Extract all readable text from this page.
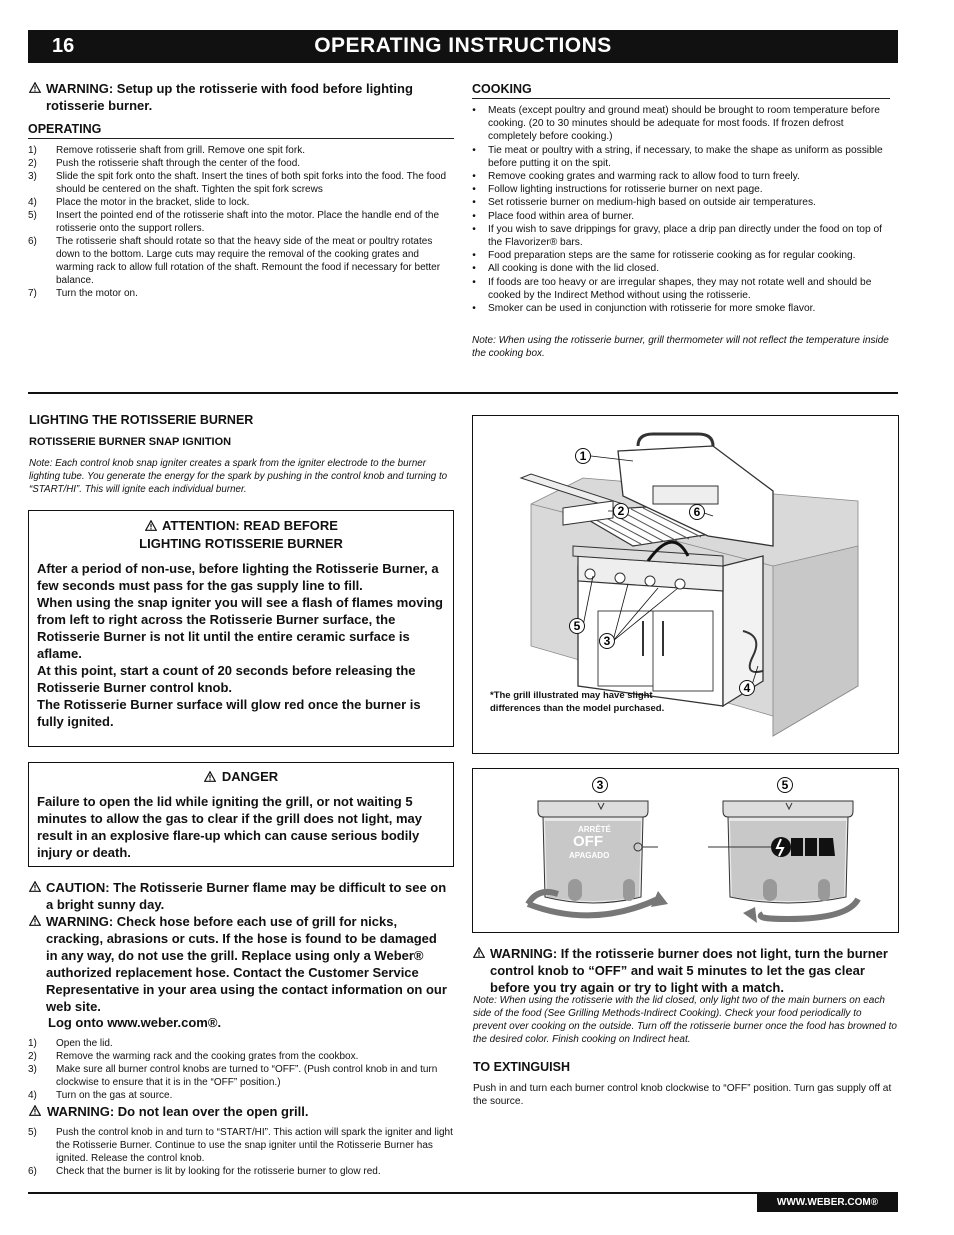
16	OPERATING INSTRUCTIONS
WARNING: Setup up the rotisserie with food before lighting rotisserie burner.
OPERATING
1)	Remove rotisserie shaft from grill. Remove one spit fork.
2)	Push the rotisserie shaft through the center of the food.
3)	Slide the spit fork onto the shaft. Insert the tines of both spit forks into the food. The food should be centered on the shaft. Tighten the spit fork screws
4)	Place the motor in the bracket, slide to lock.
5)	Insert the pointed end of the rotisserie shaft into the motor. Place the handle end of the rotisserie onto the support rollers.
6)	The rotisserie shaft should rotate so that the heavy side of the meat or poultry rotates down to the bottom. Large cuts may require the removal of the cooking grates and warming rack to allow full rotation of the shaft. Remount the food if necessary for better balance.
7)	Turn the motor on.
COOKING
•	Meats (except poultry and ground meat) should be brought to room temperature before cooking. (20 to 30 minutes should be adequate for most foods. If frozen defrost completely before cooking.)
•	Tie meat or poultry with a string, if necessary, to make the shape as uniform as possible before putting it on the spit.
•	Remove cooking grates and warming rack to allow food to turn freely.
•	Follow lighting instructions for rotisserie burner on next page.
•	Set rotisserie burner on medium-high based on outside air temperatures.
•	Place food within area of burner.
•	If you wish to save drippings for gravy, place a drip pan directly under the food on top of the Flavorizer® bars.
•	Food preparation steps are the same for rotisserie cooking as for regular cooking.
•	All cooking is done with the lid closed.
•	If foods are too heavy or are irregular shapes, they may not rotate well and should be cooked by the Indirect Method without using the rotisserie.
•	Smoker can be used in conjunction with rotisserie for more smoke flavor.
Note: When using the rotisserie burner, grill thermometer will not reflect the temperature inside the cooking box.
LIGHTING THE ROTISSERIE BURNER
ROTISSERIE BURNER SNAP IGNITION
Note: Each control knob snap igniter creates a spark from the igniter electrode to the burner lighting tube. You generate the energy for the spark by pushing in the control knob and turning to “START/HI”. This will ignite each individual burner.
ATTENTION: READ BEFORE
LIGHTING ROTISSERIE BURNER
After a period of non-use, before lighting the Rotisserie Burner, a few seconds must pass for the gas supply line to fill.
When using the snap igniter you will see a flash of flames moving from left to right across the Rotisserie Burner surface, the Rotisserie Burner is not lit until the entire ceramic surface is aflame.
At this point, start a count of 20 seconds before releasing the Rotisserie Burner control knob.
The Rotisserie Burner surface will glow red once the burner is fully ignited.
DANGER
Failure to open the lid while igniting the grill, or not waiting 5 minutes to allow the gas to clear if the grill does not light, may result in an explosive flare-up which can cause serious bodily injury or death.
CAUTION: The Rotisserie Burner flame may be difficult to see on a bright sunny day.
WARNING: Check hose before each use of grill for nicks, cracking, abrasions or cuts. If the hose is found to be damaged in any way, do not use the grill. Replace using only a Weber® authorized replacement hose. Contact the Customer Service Representative in your area using the contact information on our web site.
Log onto www.weber.com®.
1)	Open the lid.
2)	Remove the warming rack and the cooking grates from the cookbox.
3)	Make sure all burner control knobs are turned to “OFF”. (Push control knob in and turn clockwise to ensure that it is in the “OFF” position.)
4)	Turn on the gas at source.
WARNING: Do not lean over the open grill.
5)	Push the control knob in and turn to “START/HI”. This action will spark the igniter and light the Rotisserie Burner. Continue to use the snap igniter until the Rotisserie Burner has ignited. Release the control knob.
6)	Check that the burner is lit by looking for the rotisserie burner to glow red.
1
2	6
5
3
4
*The grill illustrated may have slight differences than the model purchased.
3	5
ARRÊTÉ
OFF
APAGADO
WARNING: If the rotisserie burner does not light, turn the burner control knob to “OFF” and wait 5 minutes to let the gas clear before you try again or try to light with a match.
Note: When using the rotisserie with the lid closed, only light two of the main burners on each side of the food (See Grilling Methods-Indirect Cooking). Check your food periodically to prevent over cooking on the outside. Turn off the rotisserie burner once the food has browned to the desired color. Finish cooking on Indirect heat.
TO EXTINGUISH
Push in and turn each burner control knob clockwise to “OFF” position. Turn gas supply off at the source.
WWW.WEBER.COM®
